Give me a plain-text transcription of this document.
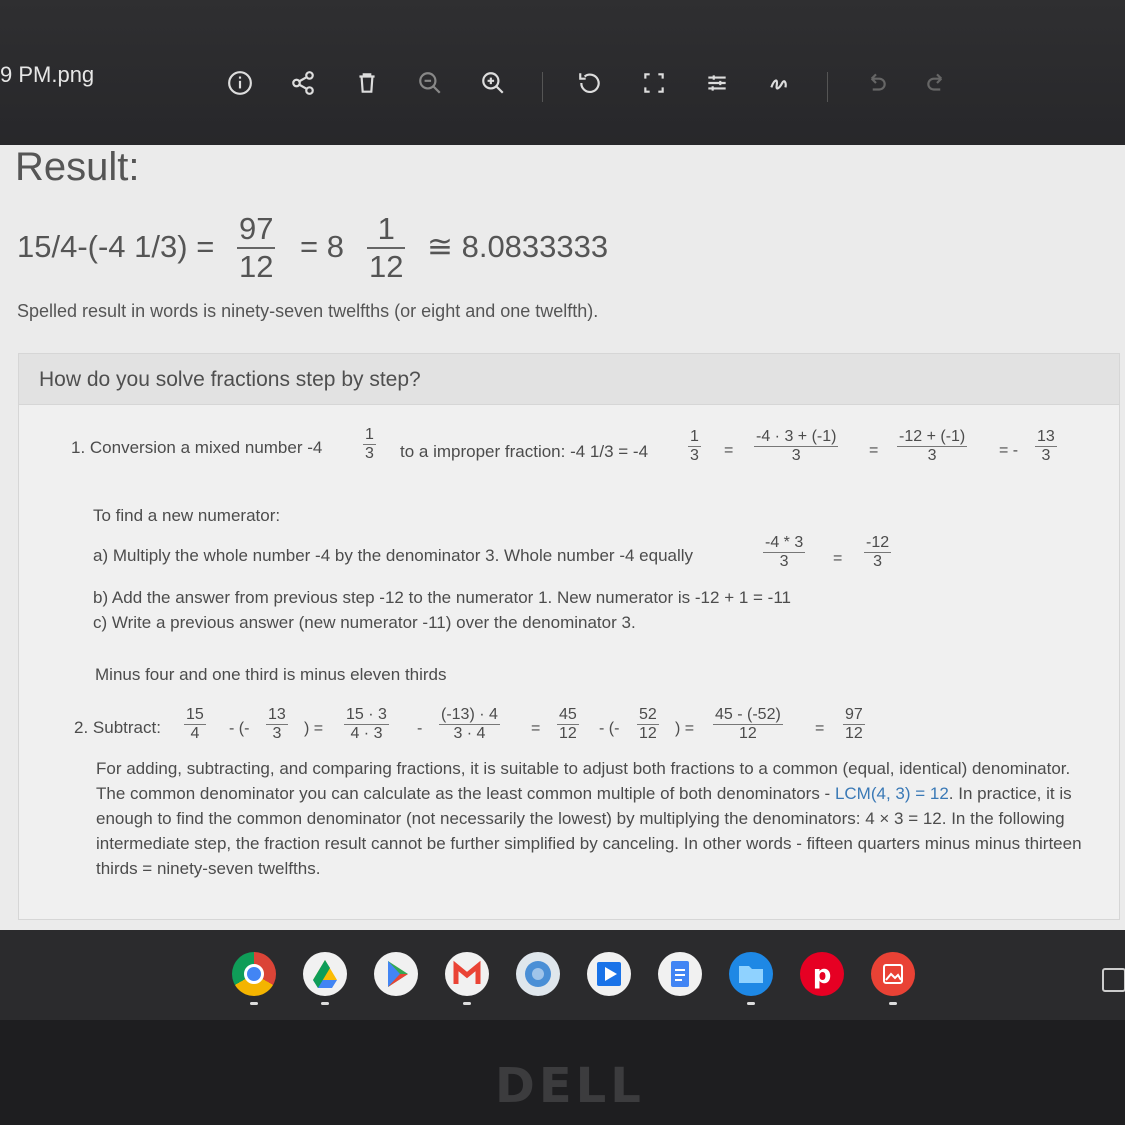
9 PM.png
Result:
15/4-(-4 $1/3) = \frac{97}{12} = 8 \frac{1}{12}$ ≅ 8.0833333
Spelled result in words is ninety-seven twelfths (or eight and one twelfth).
How do you solve fractions step by step?
1. Conversion a mixed number -4	$\frac{1}{3}$ to a improper fraction: -4 $1/3 = -4 \frac{1}{3} = \frac{-4 \cdot 3 + (-1)}{3} = \frac{-12 + (-1)}{3}$ = - $\frac{13}{3}$
To find a new numerator:
a) Multiply the whole number -4 by the denominator 3. Whole number -4 equally	$\frac{-4 * 3}{3} = \frac{-12}{3}$
b) Add the answer from previous step -12 to the numerator 1. New numerator is -12 + 1 = -11
c) Write a previous answer (new numerator -11) over the denominator 3.
Minus four and one third is minus eleven thirds
2. Subtract: $\frac{15}{4}$ - (- $\frac{13}{3}$ ) = $\frac{15 \cdot 3}{4 \cdot 3} - \frac{(-13) \cdot 4}{3 \cdot 4} = \frac{45}{12}$ - (- $\frac{52}{12}$ ) = $\frac{45 - (-52)}{12} = \frac{97}{12}$
For adding, subtracting, and comparing fractions, it is suitable to adjust both fractions to a common (equal, identical) denominator. The common denominator you can calculate as the least common multiple of both denominators - LCM(4, 3) = 12. In practice, it is enough to find the common denominator (not necessarily the lowest) by multiplying the denominators: 4 × 3 = 12. In the following intermediate step, the fraction result cannot be further simplified by canceling. In other words - fifteen quarters minus minus thirteen thirds = ninety-seven twelfths.
p
DELL
